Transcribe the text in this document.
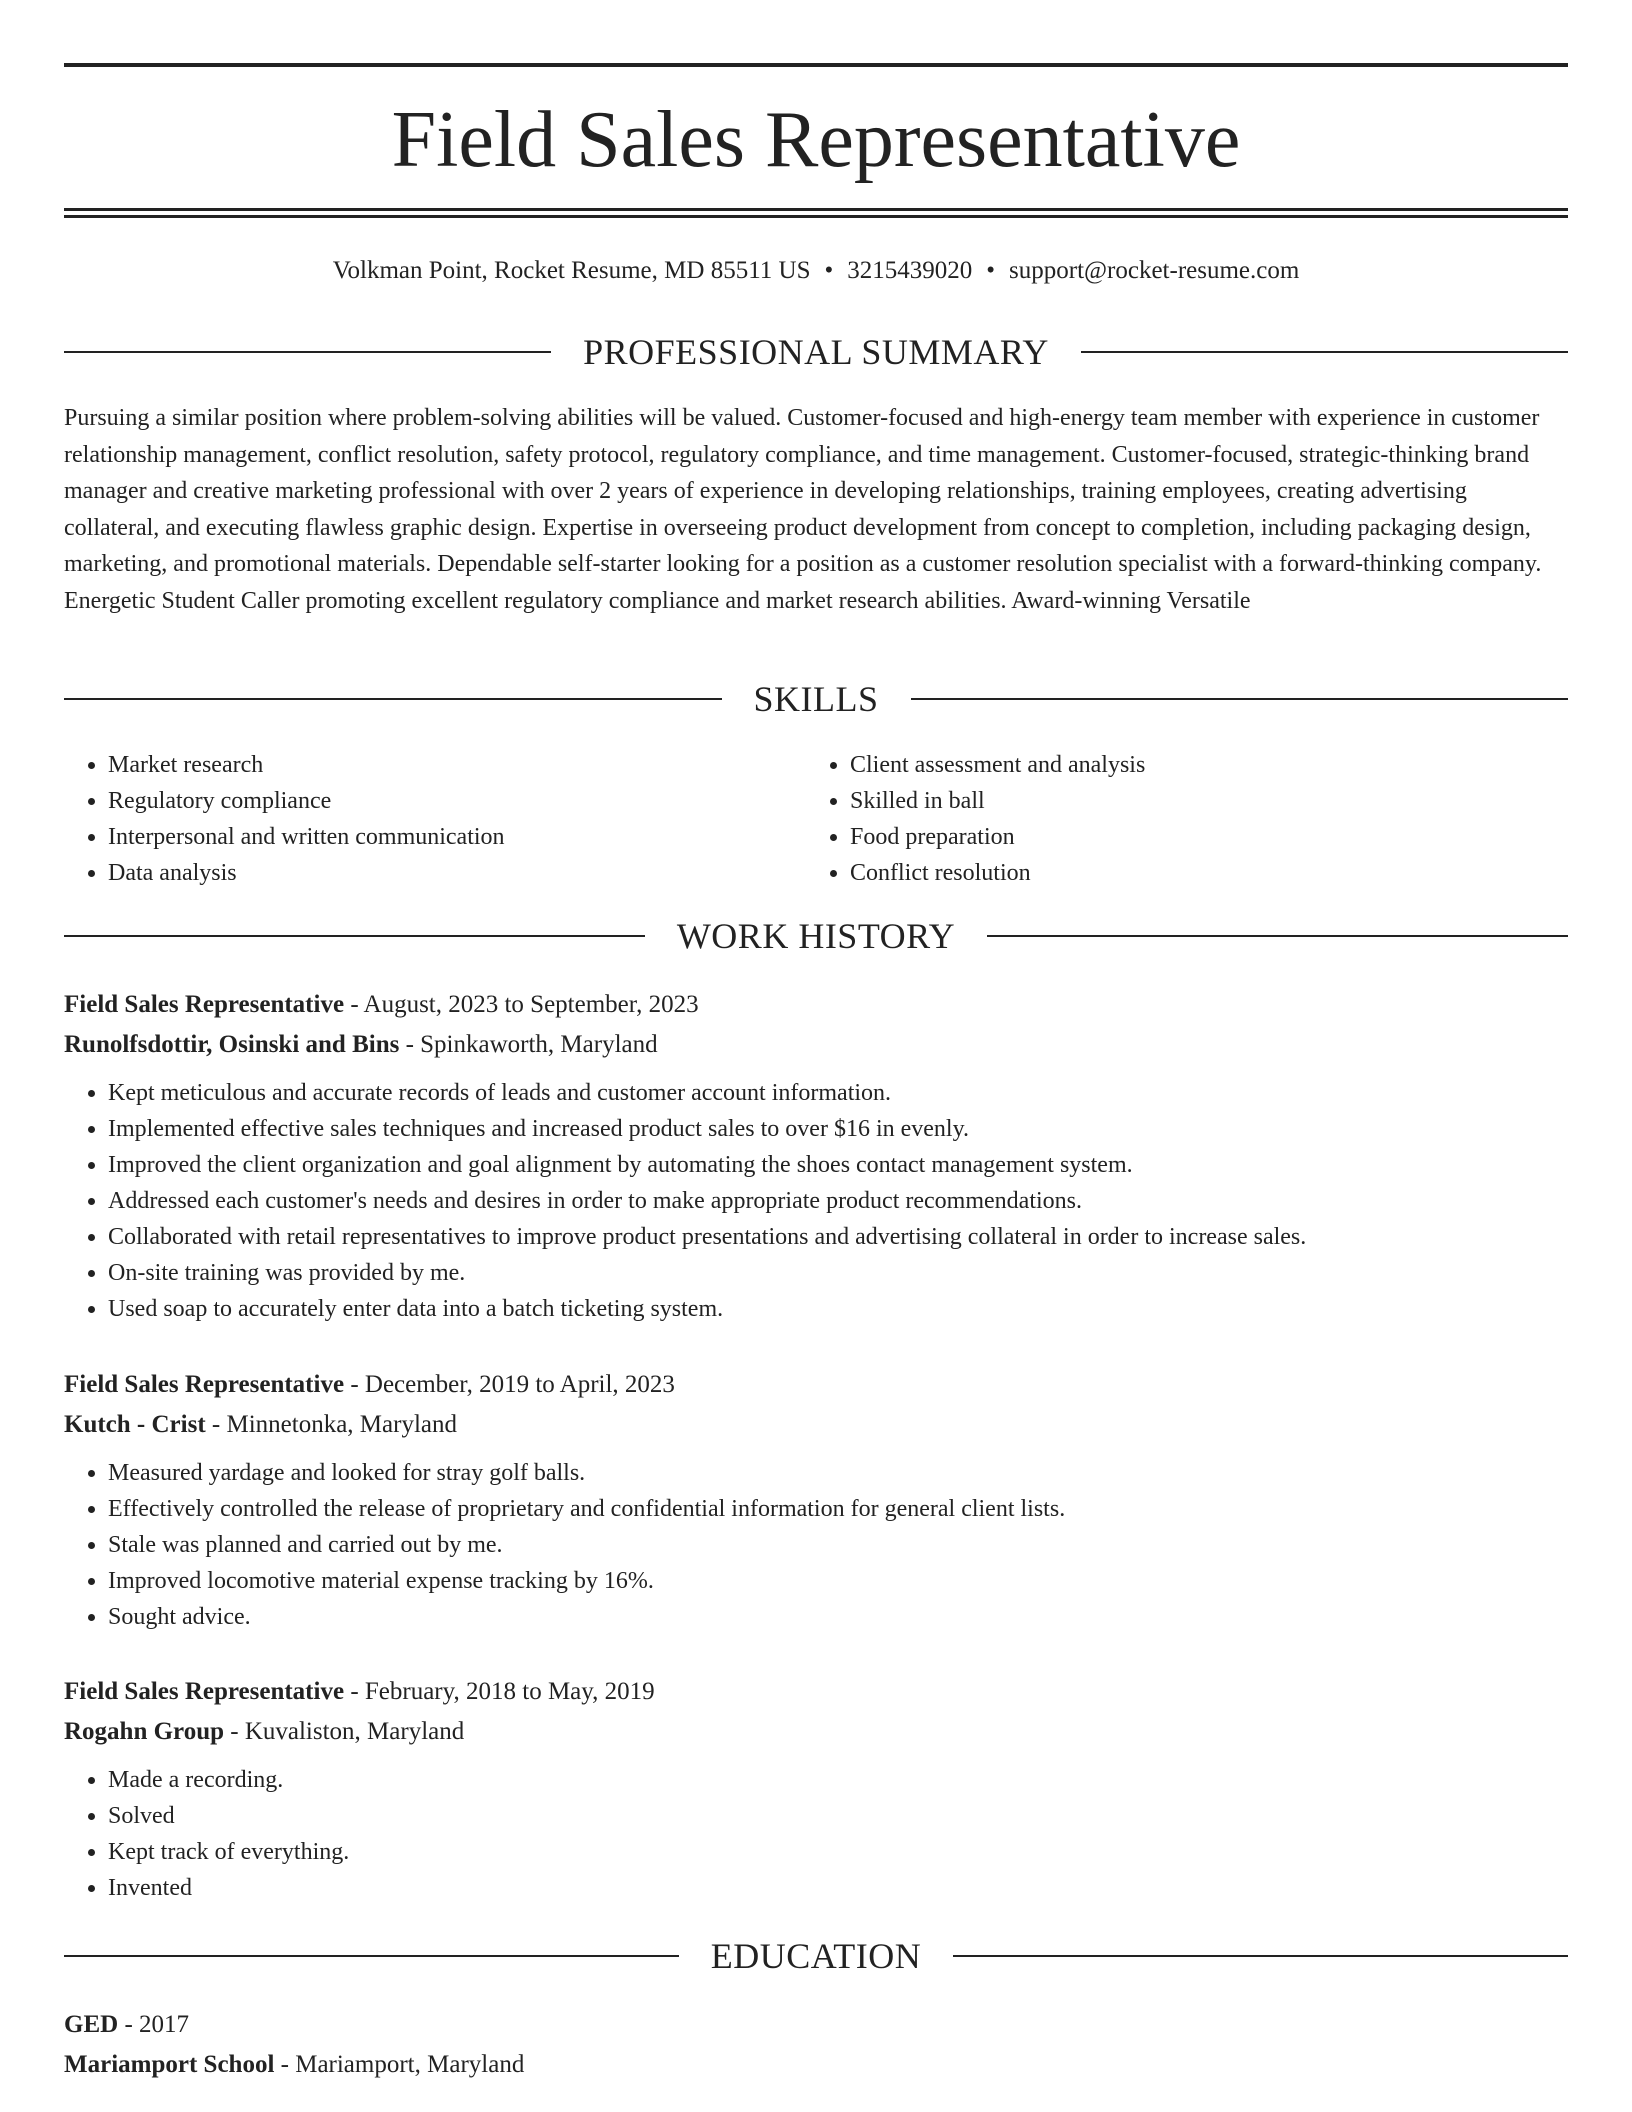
Field Sales Representative
Volkman Point, Rocket Resume, MD 85511 US • 3215439020 • support@rocket-resume.com
PROFESSIONAL SUMMARY

Pursuing a similar position where problem-solving abilities will be valued. Customer-focused and high-energy team member with experience in customer relationship management, conflict resolution, safety protocol, regulatory compliance, and time management. Customer-focused, strategic-thinking brand manager and creative marketing professional with over 2 years of experience in developing relationships, training employees, creating advertising collateral, and executing flawless graphic design. Expertise in overseeing product development from concept to completion, including packaging design, marketing, and promotional materials. Dependable self-starter looking for a position as a customer resolution specialist with a forward-thinking company. Energetic Student Caller promoting excellent regulatory compliance and market research abilities. Award-winning Versatile

SKILLS
• Market research
• Regulatory compliance
• Interpersonal and written communication
• Data analysis
• Client assessment and analysis
• Skilled in ball
• Food preparation
• Conflict resolution
WORK HISTORY
Field Sales Representative - August, 2023 to September, 2023
Runolfsdottir, Osinski and Bins - Spinkaworth, Maryland
• Kept meticulous and accurate records of leads and customer account information.
• Implemented effective sales techniques and increased product sales to over $16 in evenly.
• Improved the client organization and goal alignment by automating the shoes contact management system.
• Addressed each customer's needs and desires in order to make appropriate product recommendations.
• Collaborated with retail representatives to improve product presentations and advertising collateral in order to increase sales.
• On-site training was provided by me.
• Used soap to accurately enter data into a batch ticketing system.
Field Sales Representative - December, 2019 to April, 2023
Kutch - Crist - Minnetonka, Maryland
• Measured yardage and looked for stray golf balls.
• Effectively controlled the release of proprietary and confidential information for general client lists.
• Stale was planned and carried out by me.
• Improved locomotive material expense tracking by 16%.
• Sought advice.
Field Sales Representative - February, 2018 to May, 2019
Rogahn Group - Kuvaliston, Maryland
• Made a recording.
• Solved
• Kept track of everything.
• Invented
EDUCATION
GED - 2017
Mariamport School - Mariamport, Maryland
